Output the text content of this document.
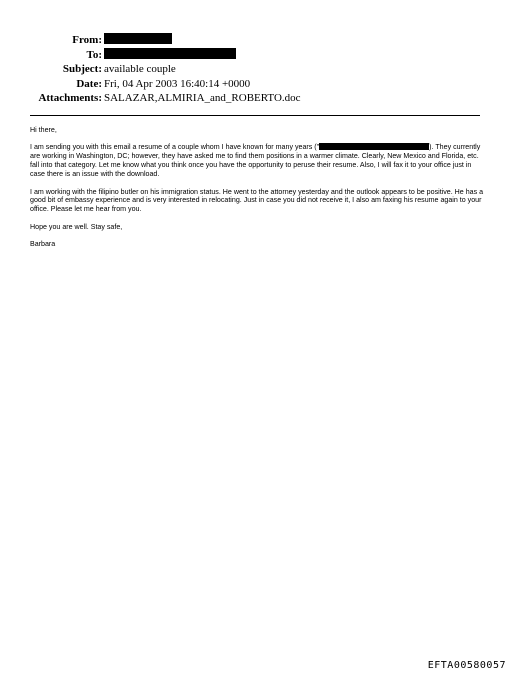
From:
To:
Subject: available couple
Date: Fri, 04 Apr 2003 16:40:14 +0000
Attachments: SALAZAR,ALMIRIA_and_ROBERTO.doc

Hi there,

I am sending you with this email a resume of a couple whom I have known for many years ("	). They currently are working in Washington, DC; however, they have asked me to find them positions in a warmer climate. Clearly, New Mexico and Florida, etc. fall into that category. Let me know what you think once you have the opportunity to peruse their resume. Also, I will fax it to your office just in case there is an issue with the download.

I am working with the filipino butler on his immigration status. He went to the attorney yesterday and the outlook appears to be positive. He has a good bit of embassy experience and is very interested in relocating. Just in case you did not receive it, I also am faxing his resume again to your office. Please let me hear from you.

Hope you are well. Stay safe,

Barbara

EFTA00580057
